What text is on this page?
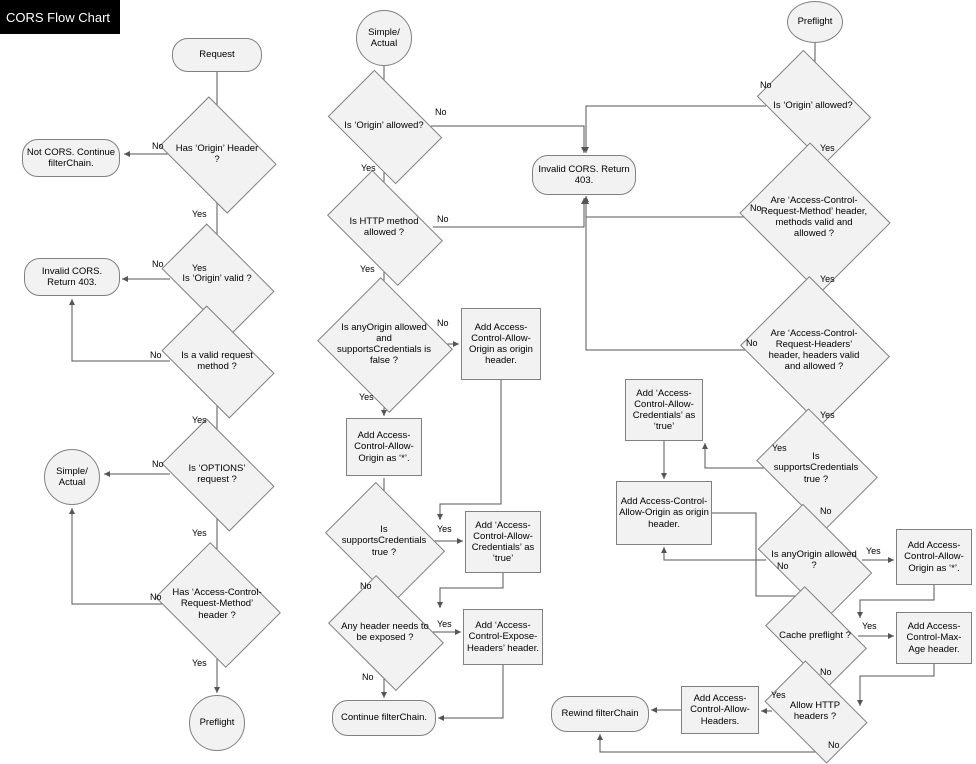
Request
Has ‘Origin’ Header ?
Not CORS. Continue filterChain.
Is ‘Origin’ valid ?
Invalid CORS. Return 403.
Is a valid request method ?
Is ‘OPTIONS’ request ?
Simple/ Actual
Has ‘Access-Control-Request-Method’ header ?
Preflight
Simple/ Actual
Is ‘Origin’ allowed?
Invalid CORS. Return 403.
Is HTTP method allowed ?
Is anyOrigin allowed and supportsCredentials is false ?
Add Access-Control-Allow-Origin as origin header.
Add Access-Control-Allow-Origin as ‘*’.
Is supportsCredentials true ?
Add ‘Access-Control-Allow-Credentials’ as ‘true’
Any header needs to be exposed ?
Add ‘Access-Control-Expose-Headers’ header.
Continue filterChain.
Preflight
Is ‘Origin’ allowed?
Are ‘Access-Control-Request-Method’ header, methods valid and allowed ?
Are ‘Access-Control-Request-Headers’ header, headers valid and allowed ?
Add ‘Access-Control-Allow-Credentials’ as ‘true’
Is supportsCredentials true ?
Add Access-Control-Allow-Origin as origin header.
Is anyOrigin allowed ?
Add Access-Control-Allow-Origin as ‘*’.
Cache preflight ?
Add Access-Control-Max-Age header.
Allow HTTP headers ?
Add Access-Control-Allow-Headers.
Rewind filterChain
No
Yes
No	Yes
No
Yes
No
Yes
No
Yes
No
Yes
No
Yes
No
Yes
Yes
No
Yes
No
No
Yes
No
Yes
No
Yes
Yes
No
No
Yes
Yes
No
Yes
No
CORS Flow Chart
